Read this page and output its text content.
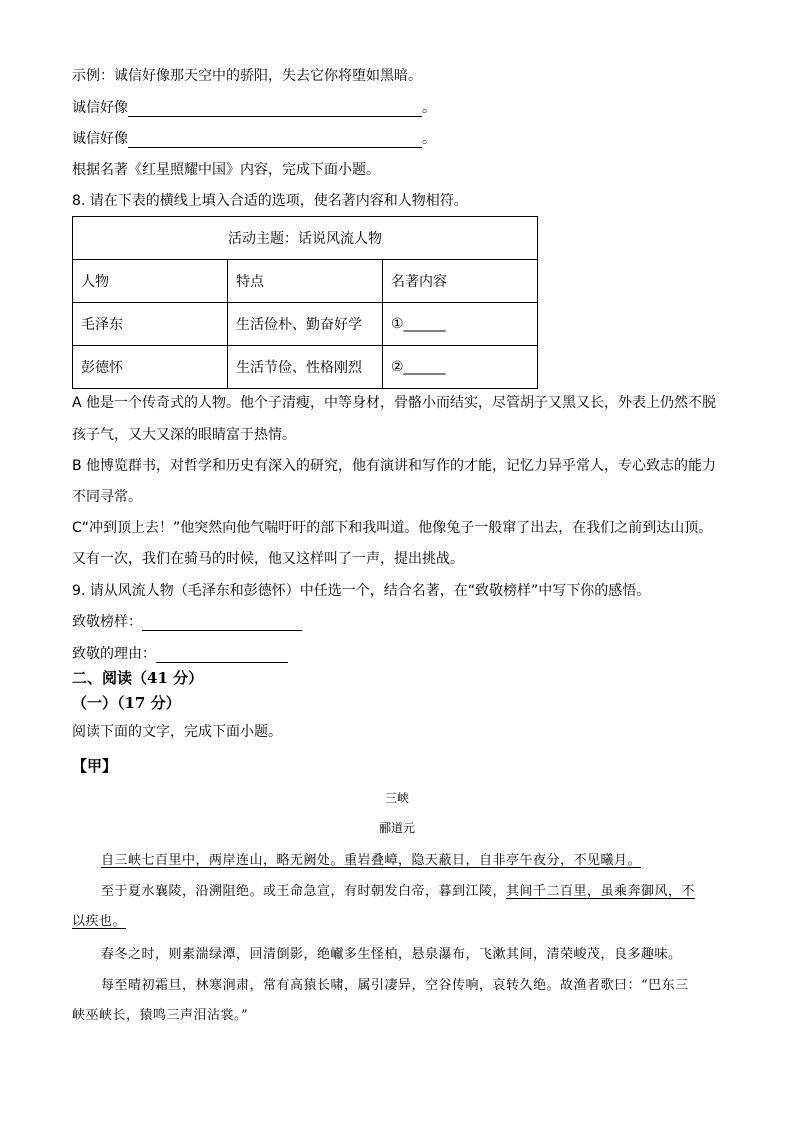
示例：诚信好像那天空中的骄阳，失去它你将堕如黑暗。
诚信好像	。
诚信好像	。
根据名著《红星照耀中国》内容，完成下面小题。
8. 请在下表的横线上填入合适的选项，使名著内容和人物相符。
活动主题：话说风流人物		
人物	特点	名著内容
毛泽东	生活俭朴、勤奋好学	①______
彭德怀	生活节俭、性格刚烈	②______
A 他是一个传奇式的人物。他个子清瘦，中等身材，骨骼小而结实，尽管胡子又黑又长，外表上仍然不脱
孩子气，又大又深的眼睛富于热情。
B 他博览群书，对哲学和历史有深入的研究，他有演讲和写作的才能，记忆力异乎常人，专心致志的能力
不同寻常。
C“冲到顶上去！”他突然向他气喘吁吁的部下和我叫道。他像兔子一般窜了出去，在我们之前到达山顶。
又有一次，我们在骑马的时候，他又这样叫了一声，提出挑战。
9. 请从风流人物（毛泽东和彭德怀）中任选一个，结合名著，在“致敬榜样”中写下你的感悟。
致敬榜样：
致敬的理由：
二、阅读（41 分）
（一）（17 分）
阅读下面的文字，完成下面小题。
【甲】
三峡
郦道元
自三峡七百里中，两岸连山，略无阙处。重岩叠嶂，隐天蔽日，自非亭午夜分，不见曦月。
至于夏水襄陵，沿溯阻绝。或王命急宣，有时朝发白帝，暮到江陵，其间千二百里，虽乘奔御风，不
以疾也。
春冬之时，则素湍绿潭，回清倒影，绝𪩘多生怪柏，悬泉瀑布，飞漱其间，清荣峻茂，良多趣味。
每至晴初霜旦，林寒涧肃，常有高猿长啸，属引凄异，空谷传响，哀转久绝。故渔者歌曰：“巴东三
峡巫峡长，猿鸣三声泪沾裳。”
